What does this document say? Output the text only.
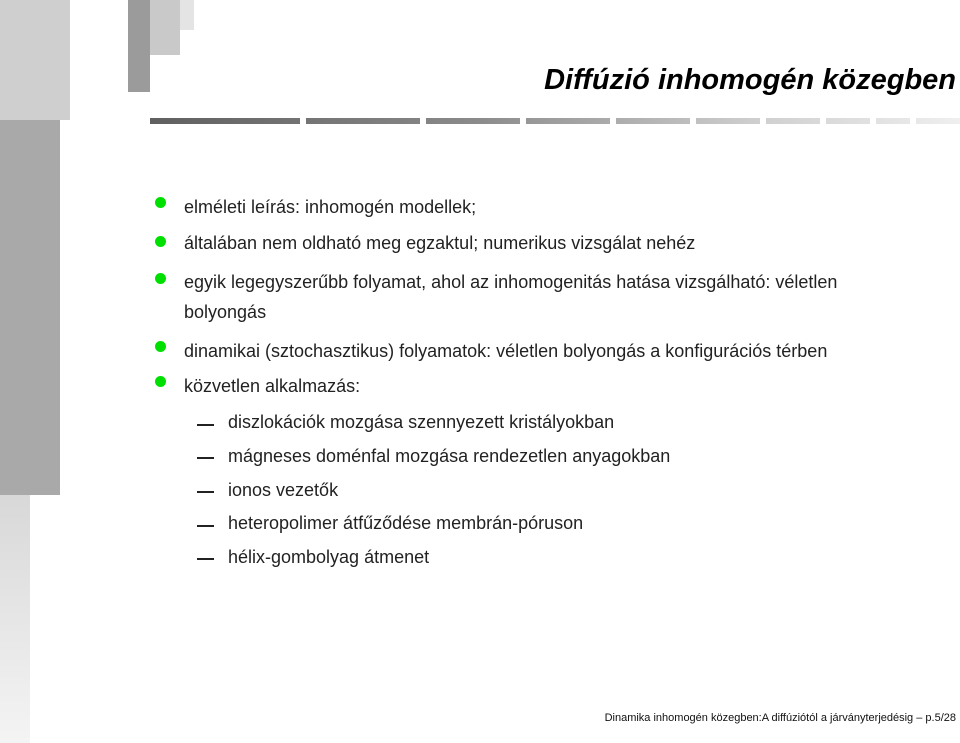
Diffúzió inhomogén közegben
elméleti leírás: inhomogén modellek;
általában nem oldható meg egzaktul; numerikus vizsgálat nehéz
egyik legegyszerűbb folyamat, ahol az inhomogenitás hatása vizsgálható: véletlen
bolyongás
dinamikai (sztochasztikus) folyamatok: véletlen bolyongás a konfigurációs térben
közvetlen alkalmazás:
diszlokációk mozgása szennyezett kristályokban
mágneses doménfal mozgása rendezetlen anyagokban
ionos vezetők
heteropolimer átfűződése membrán-póruson
hélix-gombolyag átmenet
Dinamika inhomogén közegben:A diffúziótól a járványterjedésig – p.5/28
